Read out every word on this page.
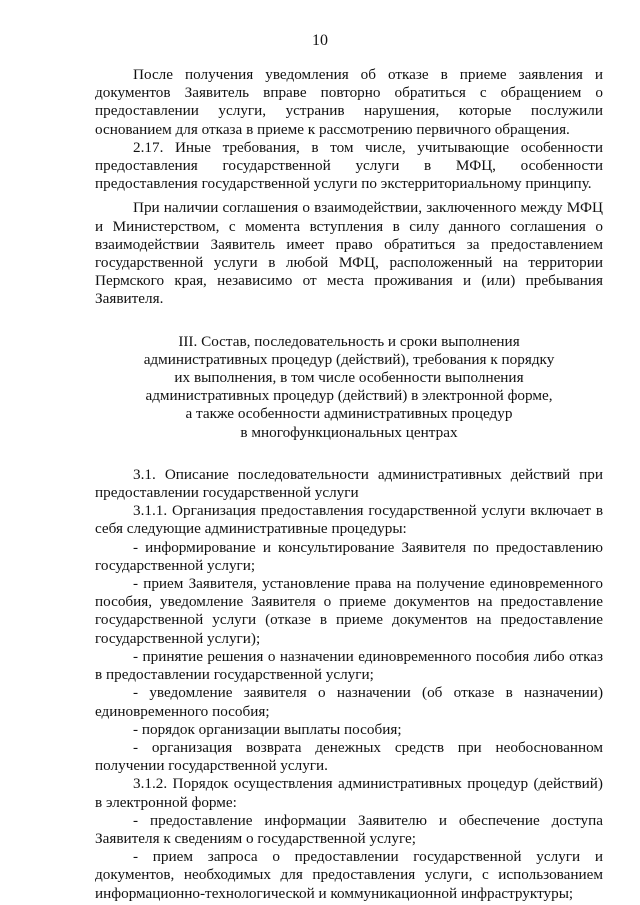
10

После получения уведомления об отказе в приеме заявления и документов Заявитель вправе повторно обратиться с обращением о предоставлении услуги, устранив нарушения, которые послужили основанием для отказа в приеме к рассмотрению первичного обращения.

2.17. Иные требования, в том числе, учитывающие особенности предоставления государственной услуги в МФЦ, особенности предоставления государственной услуги по экстерриториальному принципу.

При наличии соглашения о взаимодействии, заключенного между МФЦ и Министерством, с момента вступления в силу данного соглашения о взаимодействии Заявитель имеет право обратиться за предоставлением государственной услуги в любой МФЦ, расположенный на территории Пермского края, независимо от места проживания и (или) пребывания Заявителя.

III. Состав, последовательность и сроки выполнения
административных процедур (действий), требования к порядку
их выполнения, в том числе особенности выполнения
административных процедур (действий) в электронной форме,
а также особенности административных процедур
в многофункциональных центрах

3.1. Описание последовательности административных действий при предоставлении государственной услуги

3.1.1. Организация предоставления государственной услуги включает в себя следующие административные процедуры:

- информирование и консультирование Заявителя по предоставлению государственной услуги;

- прием Заявителя, установление права на получение единовременного пособия, уведомление Заявителя о приеме документов на предоставление государственной услуги (отказе в приеме документов на предоставление государственной услуги);

- принятие решения о назначении единовременного пособия либо отказ в предоставлении государственной услуги;

- уведомление заявителя о назначении (об отказе в назначении) единовременного пособия;

- порядок организации выплаты пособия;

- организация возврата денежных средств при необоснованном получении государственной услуги.

3.1.2. Порядок осуществления административных процедур (действий) в электронной форме:

- предоставление информации Заявителю и обеспечение доступа Заявителя к сведениям о государственной услуге;

- прием запроса о предоставлении государственной услуги и документов, необходимых для предоставления услуги, с использованием информационно-технологической и коммуникационной инфраструктуры;
